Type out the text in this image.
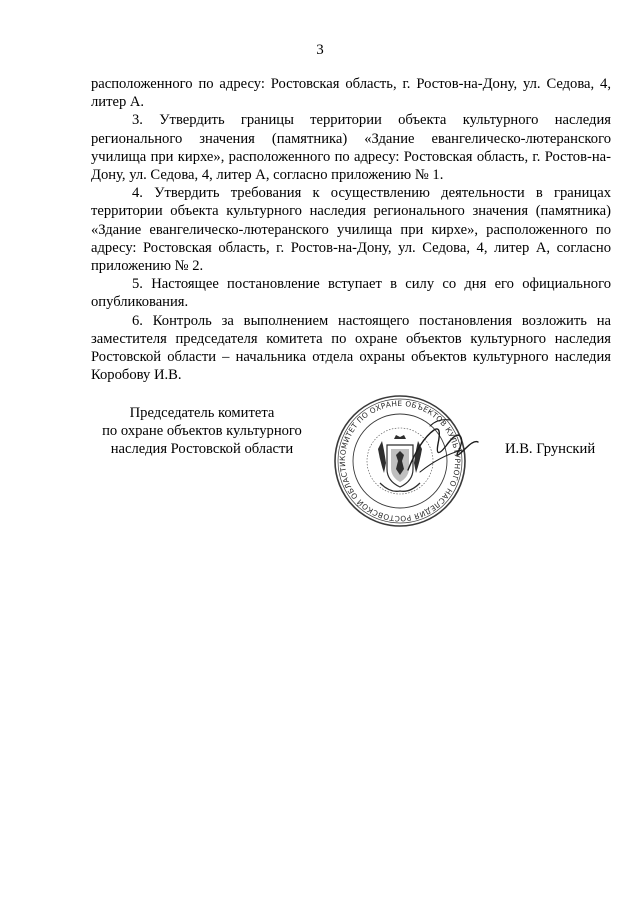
3

расположенного по адресу: Ростовская область, г. Ростов-на-Дону, ул. Седова, 4, литер А.

3. Утвердить границы территории объекта культурного наследия регионального значения (памятника) «Здание евангелическо-лютеранского училища при кирхе», расположенного по адресу: Ростовская область, г. Ростов-на-Дону, ул. Седова, 4, литер А, согласно приложению № 1.

4. Утвердить требования к осуществлению деятельности в границах территории объекта культурного наследия регионального значения (памятника) «Здание евангелическо-лютеранского училища при кирхе», расположенного по адресу: Ростовская область, г. Ростов-на-Дону, ул. Седова, 4, литер А, согласно приложению № 2.

5. Настоящее постановление вступает в силу со дня его официального опубликования.

6. Контроль за выполнением настоящего постановления возложить на заместителя председателя комитета по охране объектов культурного наследия Ростовской области – начальника отдела охраны объектов культурного наследия Коробову И.В.

Председатель комитета
по охране объектов культурного
наследия Ростовской области
КОМИТЕТ ПО ОХРАНЕ ОБЪЕКТОВ КУЛЬТУРНОГО НАСЛЕДИЯ РОСТОВСКОЙ ОБЛАСТИ
И.В. Грунский
